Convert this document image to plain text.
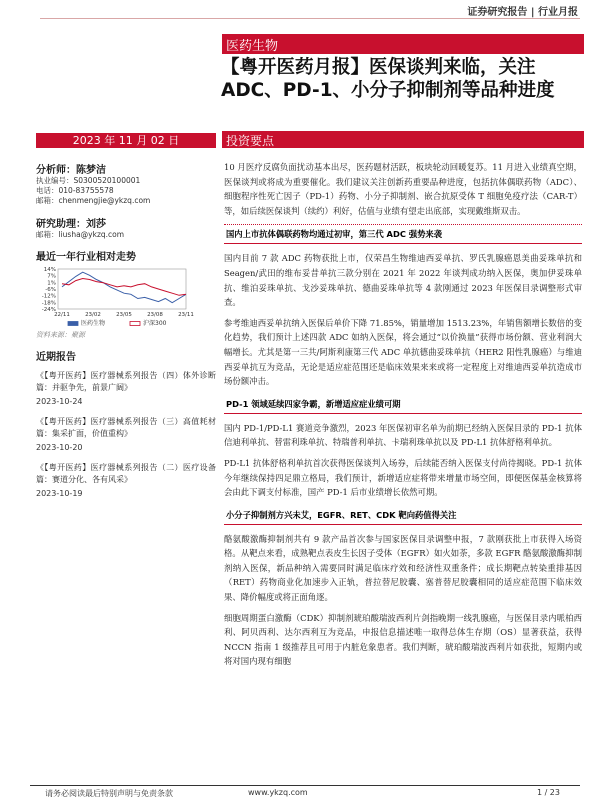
证券研究报告 | 行业月报
医药生物
【粤开医药月报】医保谈判来临，关注 ADC、PD-1、小分子抑制剂等品种进度
2023 年 11 月 02 日	投资要点
分析师：陈梦洁
执业编号：S0300520100001
电话：010-83755578
邮箱：chenmengjie@ykzq.com
研究助理：刘莎
邮箱：liusha@ykzq.com
最近一年行业相对走势
14%
7%
1%
-6%
-12%
-18%
-24%
22/11	23/02	23/05	23/08	23/11
医药生物	沪深300
资料来源：聚源
近期报告
《【粤开医药】医疗器械系列报告（四）体外诊断篇：并驱争先，前景广阔》
2023-10-24
《【粤开医药】医疗器械系列报告（三）高值耗材篇：集采扩面，价值重构》
2023-10-20
《【粤开医药】医疗器械系列报告（二）医疗设备篇：赛道分化、各有风采》
2023-10-19

10 月医疗反腐负面扰动基本出尽，医药题材活跃，板块轮动回暖复苏。11 月进入业绩真空期，医保谈判或将成为重要催化。我们建议关注创新药重要品种进度，包括抗体偶联药物（ADC）、细胞程序性死亡因子（PD-1）药物、小分子抑制剂、嵌合抗原受体 T 细胞免疫疗法（CAR-T）等，如后续医保谈判（续约）利好，估值与业绩有望走出底部，实现戴维斯双击。

国内上市抗体偶联药物均通过初审，第三代 ADC 强势来袭

国内目前 7 款 ADC 药物获批上市，仅荣昌生物维迪西妥单抗、罗氏乳腺癌恩美曲妥珠单抗和 Seagen/武田的维布妥昔单抗三款分别在 2021 年 2022 年谈判成功纳入医保，奥加伊妥珠单抗、维泊妥珠单抗、戈沙妥珠单抗、德曲妥珠单抗等 4 款刚通过 2023 年医保目录调整形式审查。

参考维迪西妥单抗纳入医保后单价下降 71.85%，销量增加 1513.23%，年销售额增长数倍的变化趋势，我们预计上述四款 ADC 如纳入医保，将会通过“以价换量”获得市场份额、营业利润大幅增长。尤其是第一三共/阿斯利康第三代 ADC 单抗德曲妥珠单抗（HER2 阳性乳腺癌）与维迪西妥单抗互为竞品，无论是适应症范围还是临床效果来来或将一定程度上对维迪西妥单抗造成市场份额冲击。

PD-1 领域延续四家争霸，新增适应症业绩可期

国内 PD-1/PD-L1 赛道竞争激烈，2023 年医保初审名单为前期已经纳入医保目录的 PD-1 抗体信迪利单抗、替雷利珠单抗、特瑞普利单抗、卡瑞利珠单抗以及 PD-L1 抗体舒格利单抗。

PD-L1 抗体舒格利单抗首次获得医保谈判入场券，后续能否纳入医保支付尚待揭晓。PD-1 抗体今年继续保持四足鼎立格局，我们预计，新增适应症将带来增量市场空间，即便医保基金核算将会由此下调支付标准，国产 PD-1 后市业绩增长依然可期。

小分子抑制剂方兴未艾，EGFR、RET、CDK 靶向药值得关注

酪氨酸激酶抑制剂共有 9 款产品首次参与国家医保目录调整申报，7 款刚获批上市获得入场资格。从靶点来看，成熟靶点表皮生长因子受体（EGFR）如火如荼，多款 EGFR 酪氨酸激酶抑制剂纳入医保，新品种纳入需要同时满足临床疗效和经济性双重条件；成长期靶点转染重排基因（RET）药物商业化加速步入正轨，普拉替尼胶囊、塞普替尼胶囊相同的适应症范围下临床效果、降价幅度或将正面角逐。

细胞周期蛋白激酶（CDK）抑制剂琥珀酸瑞波西利片剑指晚期一线乳腺癌，与医保目录内哌柏西利、阿贝西利、达尔西利互为竞品，申报信息描述唯一取得总体生存期（OS）显著获益，获得 NCCN 指南 1 级推荐且可用于内脏危象患者。我们判断，琥珀酸瑞波西利片如获批，短期内或将对国内现有细胞

请务必阅读最后特别声明与免责条款	www.ykzq.com	1 / 23
